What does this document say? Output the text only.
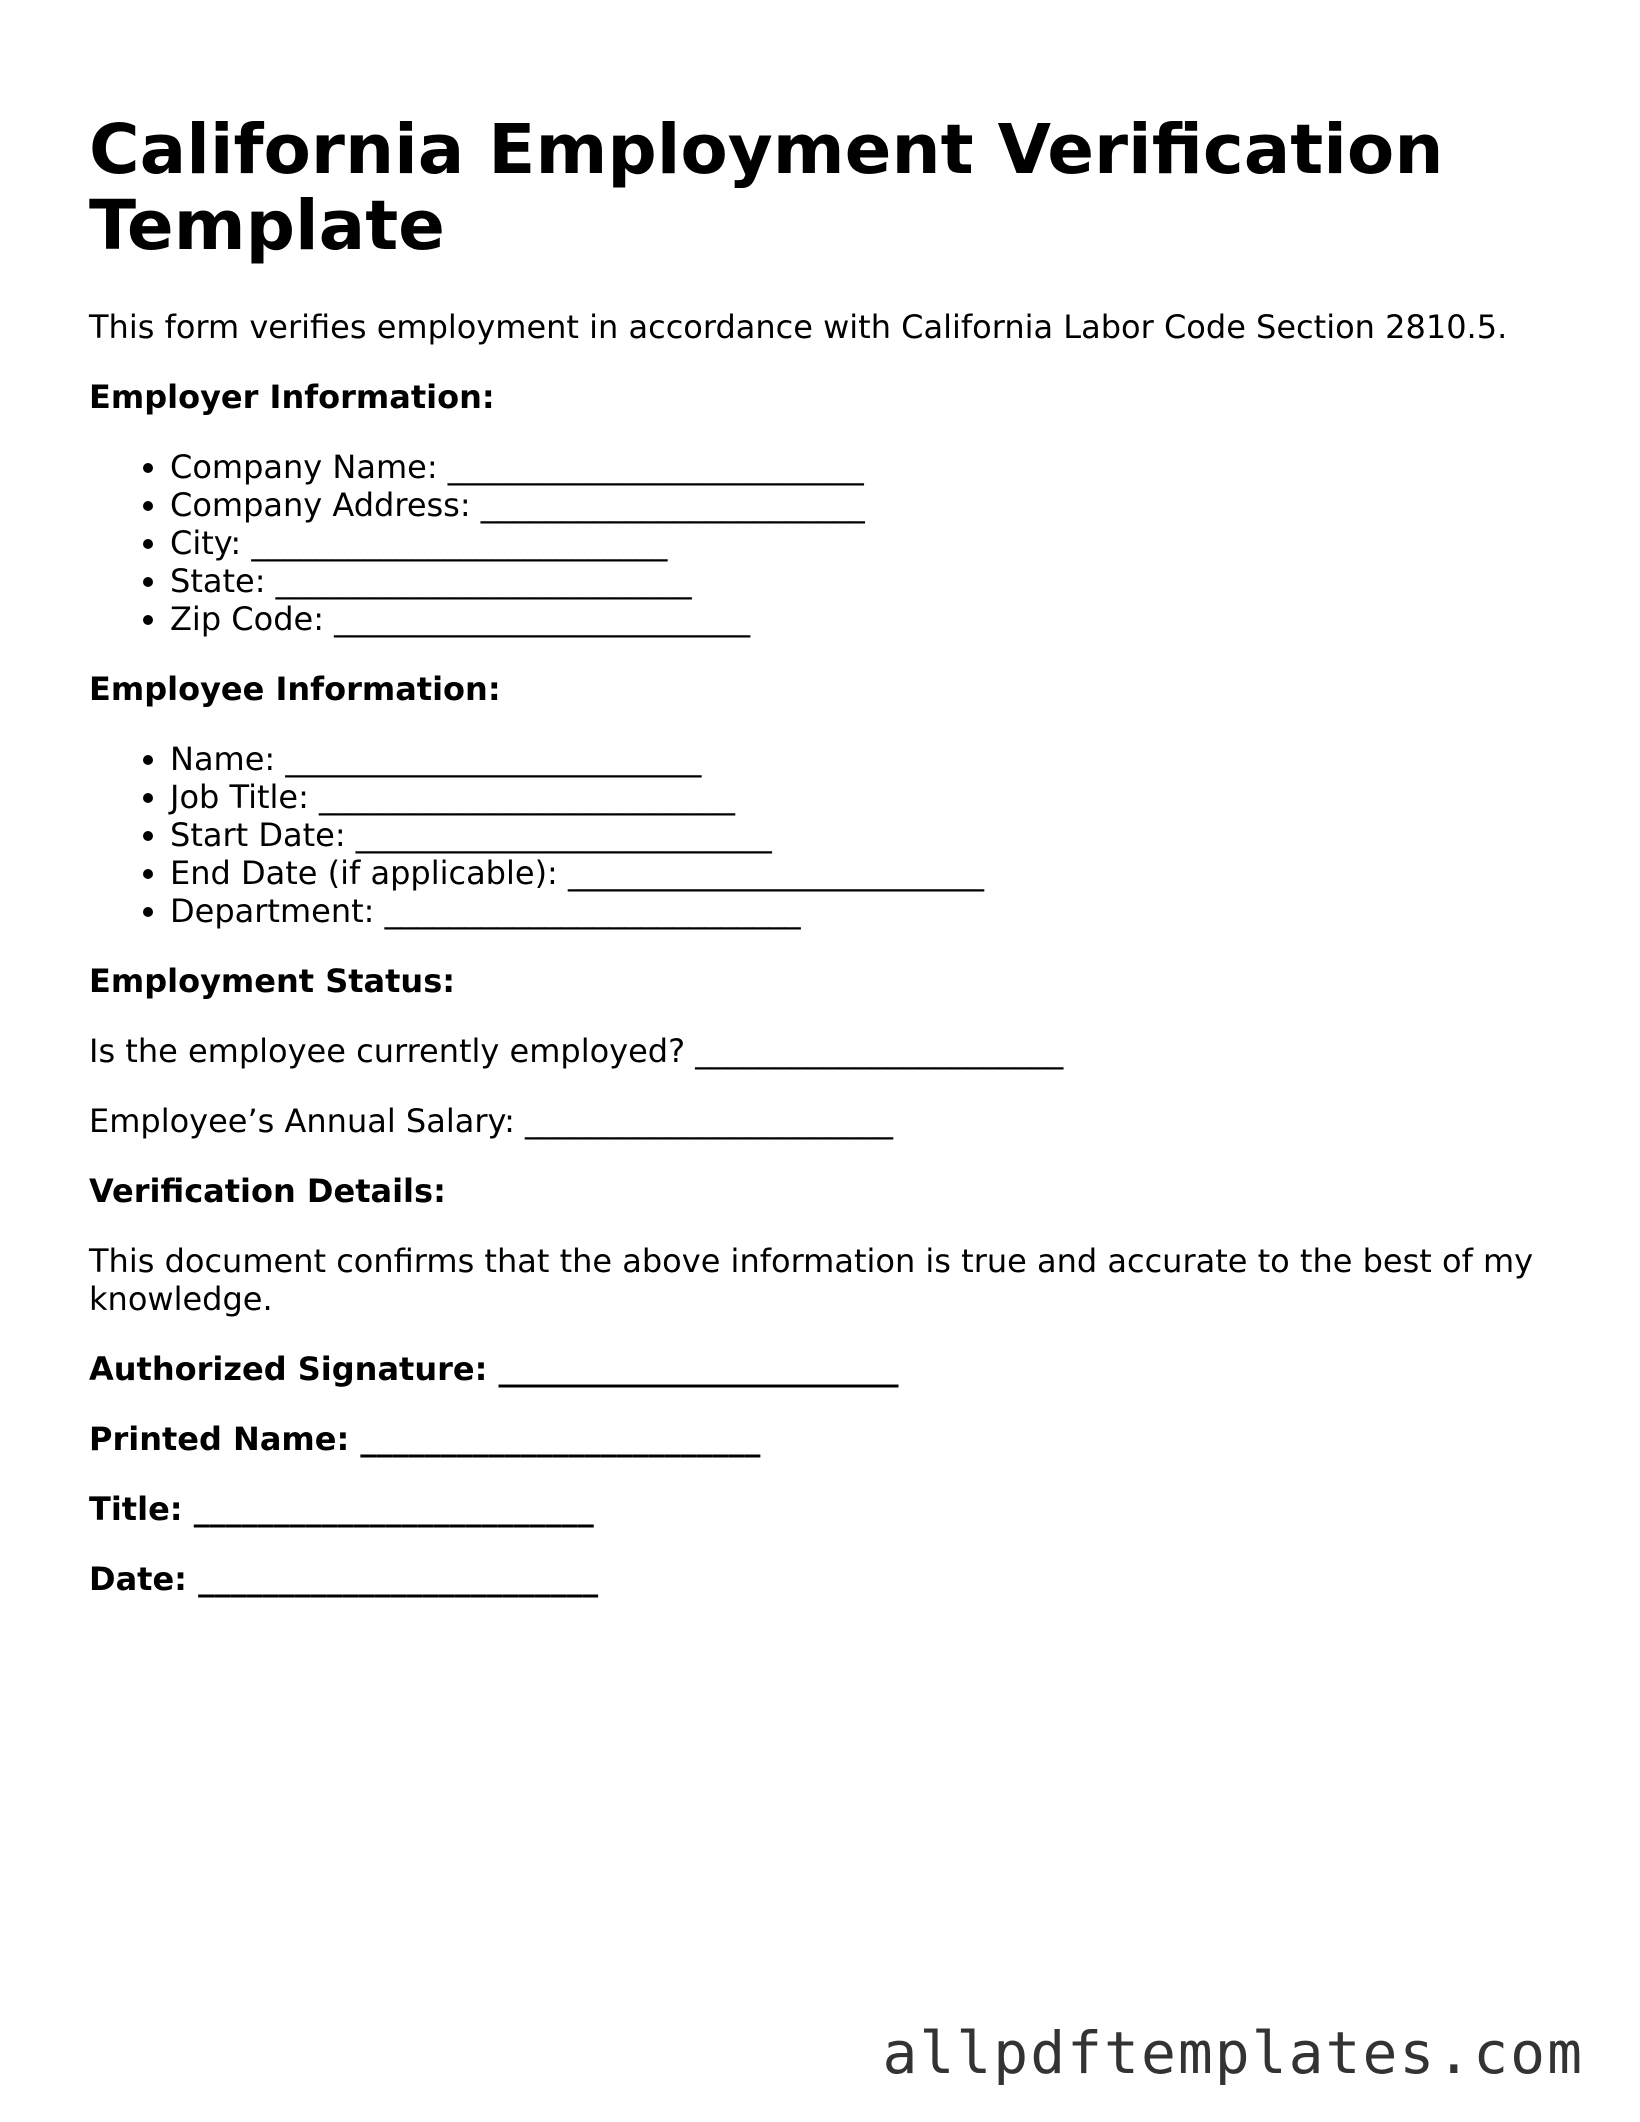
California Employment Verification Template

This form verifies employment in accordance with California Labor Code Section 2810.5.

Employer Information:
• Company Name: __________________________
• Company Address: ________________________
• City: __________________________
• State: __________________________
• Zip Code: __________________________
Employee Information:
• Name: __________________________
• Job Title: __________________________
• Start Date: __________________________
• End Date (if applicable): __________________________
• Department: __________________________
Employment Status:

Is the employee currently employed? _______________________

Employee’s Annual Salary: _______________________

Verification Details:

This document confirms that the above information is true and accurate to the best of my knowledge.

Authorized Signature: _________________________

Printed Name: _________________________

Title: _________________________

Date: _________________________

allpdftemplates.com
